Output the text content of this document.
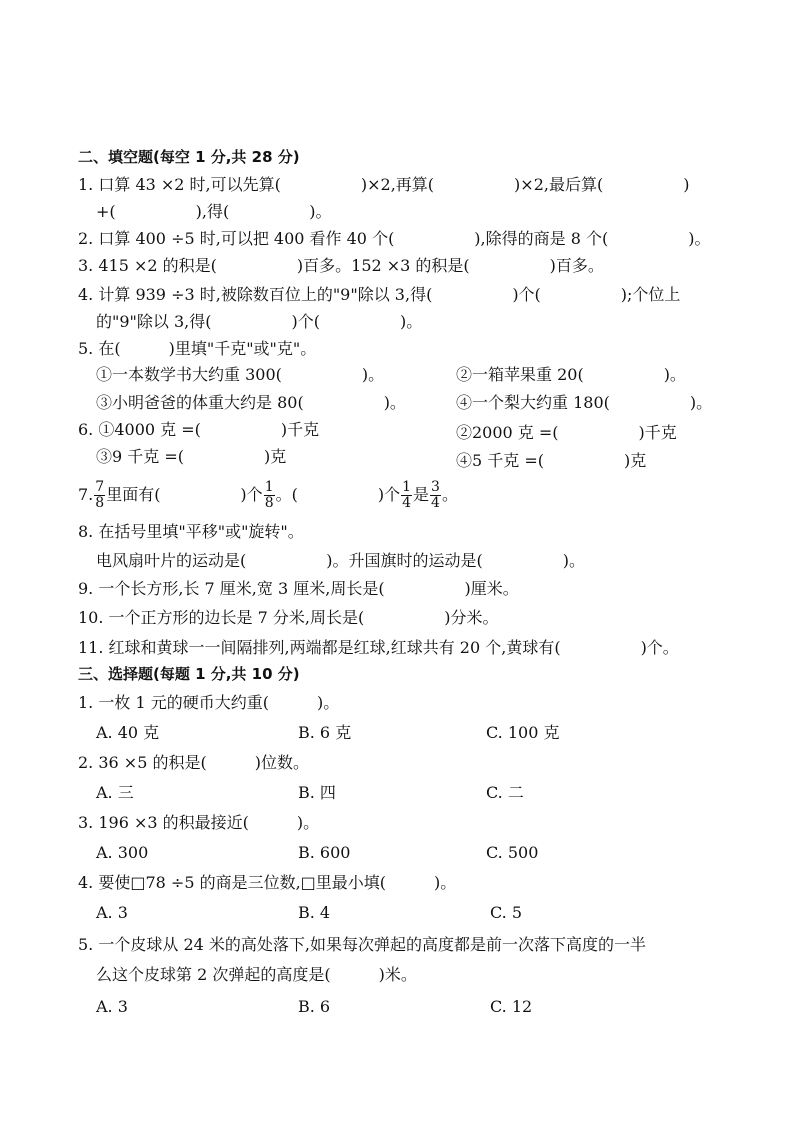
二、填空题(每空 1 分,共 28 分)
1. 口算 43 ×2 时,可以先算(　　　　　)×2,再算(　　　　　)×2,最后算(　　　　　)
+(　　　　　),得(　　　　　)。
2. 口算 400 ÷5 时,可以把 400 看作 40 个(　　　　　),除得的商是 8 个(　　　　　)。
3. 415 ×2 的积是(　　　　　)百多。152 ×3 的积是(　　　　　)百多。
4. 计算 939 ÷3 时,被除数百位上的"9"除以 3,得(　　　　　)个(　　　　　);个位上
的"9"除以 3,得(　　　　　)个(　　　　　)。
5. 在(　　　)里填"千克"或"克"。
①一本数学书大约重 300(　　　　　)。	②一箱苹果重 20(　　　　　)。
③小明爸爸的体重大约是 80(　　　　　)。	④一个梨大约重 180(　　　　　)。
6. ①4000 克 =(　　　　　)千克	②2000 克 =(　　　　　)千克
③9 千克 =(　　　　　)克	④5 千克 =(　　　　　)克
7. $\frac{7}{8}$ 里面有(　　　　　)个 $\frac{1}{8}$ 。(　　　　　)个 $\frac{1}{4}$ 是 $\frac{3}{4}$ 。
8. 在括号里填"平移"或"旋转"。
电风扇叶片的运动是(　　　　　)。升国旗时的运动是(　　　　　)。
9. 一个长方形,长 7 厘米,宽 3 厘米,周长是(　　　　　)厘米。
10. 一个正方形的边长是 7 分米,周长是(　　　　　)分米。
11. 红球和黄球一一间隔排列,两端都是红球,红球共有 20 个,黄球有(　　　　　)个。
三、选择题(每题 1 分,共 10 分)
1. 一枚 1 元的硬币大约重(　　　)。
A. 40 克	B. 6 克	C. 100 克
2. 36 ×5 的积是(　　　)位数。
A. 三	B. 四	C. 二
3. 196 ×3 的积最接近(　　　)。
A. 300	B. 600	C. 500
4. 要使□78 ÷5 的商是三位数,□里最小填(　　　)。
A. 3	B. 4	C. 5
5. 一个皮球从 24 米的高处落下,如果每次弹起的高度都是前一次落下高度的一半
么这个皮球第 2 次弹起的高度是(　　　)米。
A. 3	B. 6	C. 12
